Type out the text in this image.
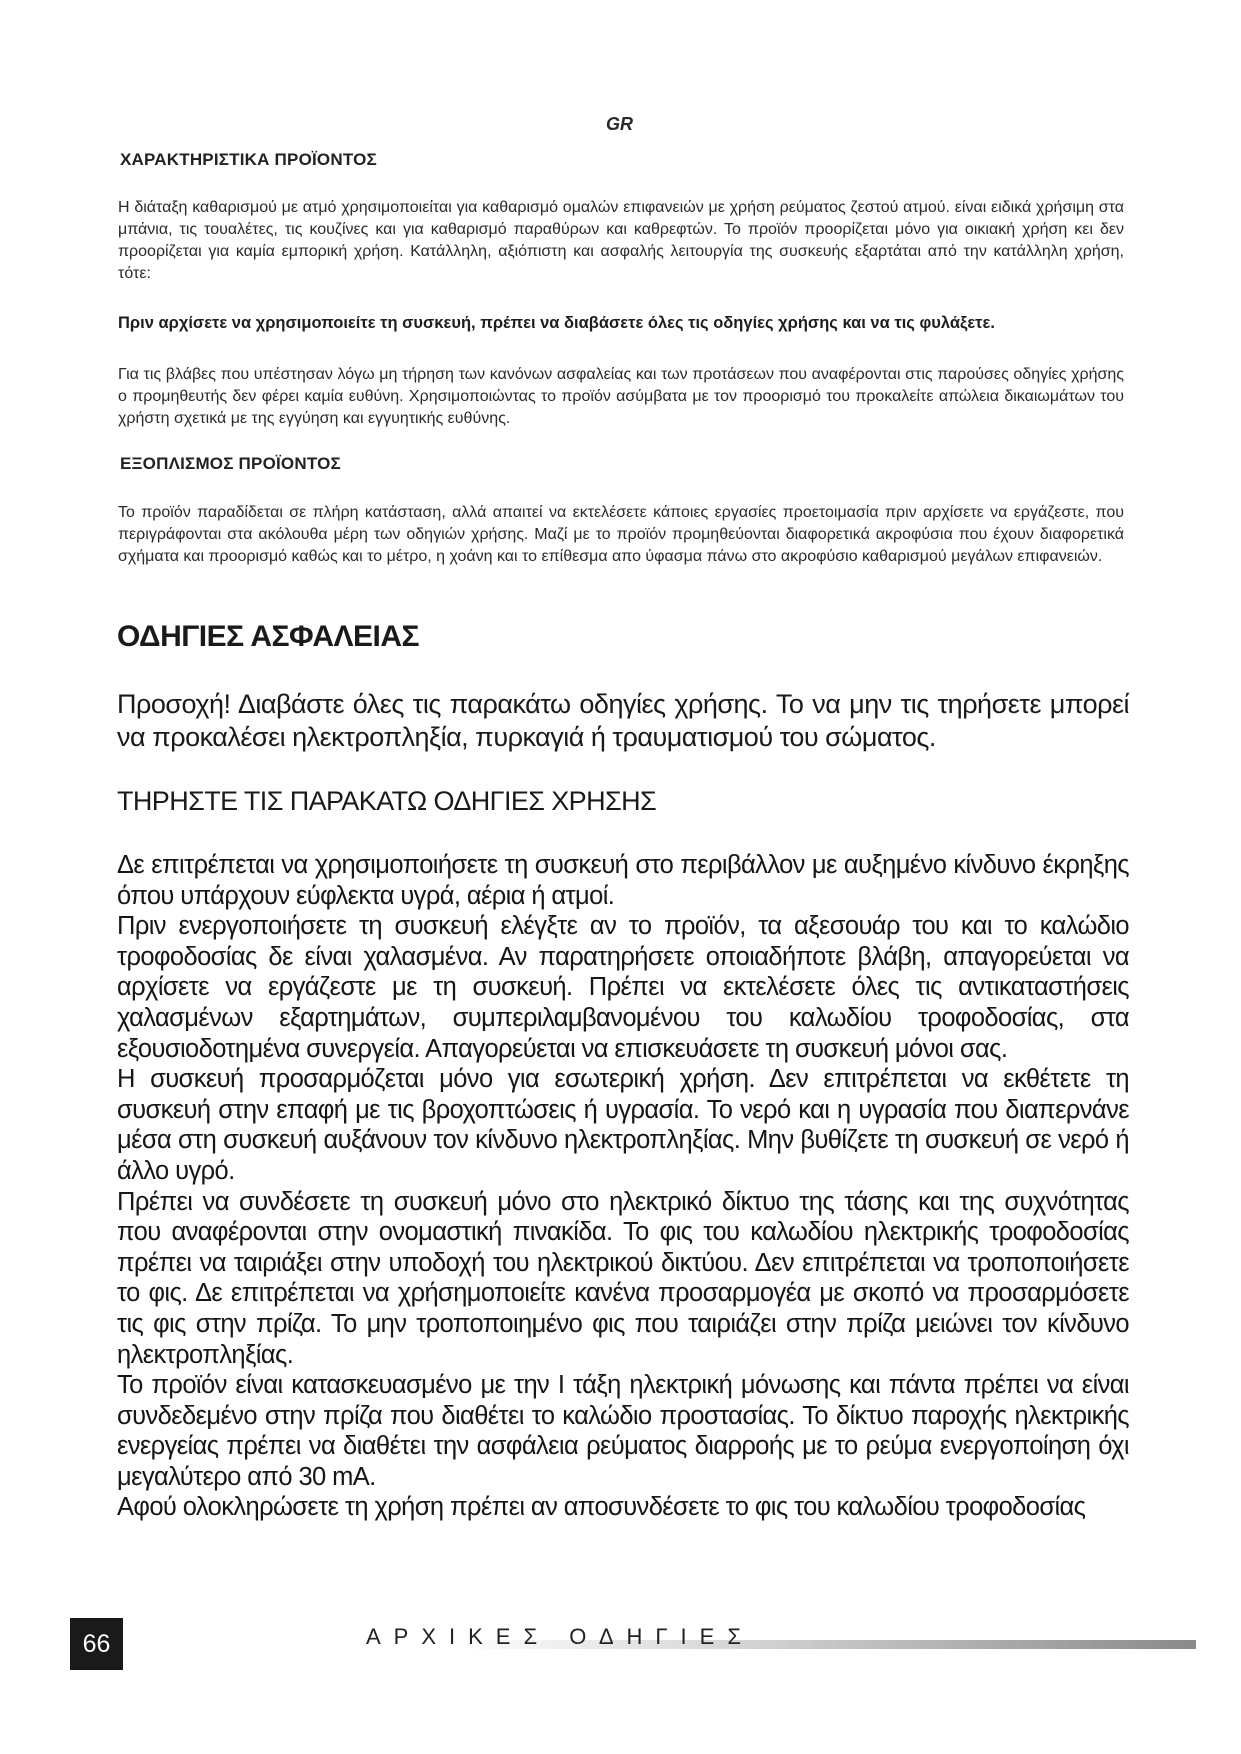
GR
ΧΑΡΑΚΤΗΡΙΣΤΙΚΑ ΠΡΟΪΟΝΤΟΣ
Η διάταξη καθαρισμού με ατμό χρησιμοποιείται για καθαρισμό ομαλών επιφανειών με χρήση ρεύματος ζεστού ατμού. είναι ειδικά χρήσιμη στα μπάνια, τις τουαλέτες, τις κουζίνες και για καθαρισμό παραθύρων και καθρεφτών. Το προϊόν προορίζεται μόνο για οικιακή χρήση κει δεν προορίζεται για καμία εμπορική χρήση. Κατάλληλη, αξιόπιστη και ασφαλής λειτουργία της συσκευής εξαρτάται από την κατάλληλη χρήση, τότε:
Πριν αρχίσετε να χρησιμοποιείτε τη συσκευή, πρέπει να διαβάσετε όλες τις οδηγίες χρήσης και να τις φυλάξετε.
Για τις βλάβες που υπέστησαν λόγω μη τήρηση των κανόνων ασφαλείας και των προτάσεων που αναφέρονται στις παρούσες οδηγίες χρήσης ο προμηθευτής δεν φέρει καμία ευθύνη. Χρησιμοποιώντας το προϊόν ασύμβατα με τον προορισμό του προκαλείτε απώλεια δικαιωμάτων του χρήστη σχετικά με της εγγύηση και εγγυητικής ευθύνης.
ΕΞΟΠΛΙΣΜΟΣ ΠΡΟΪΟΝΤΟΣ
Το προϊόν παραδίδεται σε πλήρη κατάσταση, αλλά απαιτεί να εκτελέσετε κάποιες εργασίες προετοιμασία πριν αρχίσετε να εργάζεστε, που περιγράφονται στα ακόλουθα μέρη των οδηγιών χρήσης. Μαζί με το προϊόν προμηθεύονται διαφορετικά ακροφύσια που έχουν διαφορετικά σχήματα και προορισμό καθώς και το μέτρο, η χοάνη και το επίθεσμα απο ύφασμα πάνω στο ακροφύσιο καθαρισμού μεγάλων επιφανειών.
ΟΔΗΓΙΕΣ ΑΣΦΑΛΕΙΑΣ
Προσοχή! Διαβάστε όλες τις παρακάτω οδηγίες χρήσης. Το να μην τις τηρήσετε μπορεί να προκαλέσει ηλεκτροπληξία, πυρκαγιά ή τραυματισμού του σώματος.
ΤΗΡΗΣΤΕ ΤΙΣ ΠΑΡΑΚΑΤΩ ΟΔΗΓΙΕΣ ΧΡΗΣΗΣ

Δε επιτρέπεται να χρησιμοποιήσετε τη συσκευή στο περιβάλλον με αυξημένο κίνδυνο έκρηξης όπου υπάρχουν εύφλεκτα υγρά, αέρια ή ατμοί.

Πριν ενεργοποιήσετε τη συσκευή ελέγξτε αν το προϊόν, τα αξεσουάρ του και το καλώδιο τροφοδοσίας δε είναι χαλασμένα. Αν παρατηρήσετε οποιαδήποτε βλάβη, απαγορεύεται να αρχίσετε να εργάζεστε με τη συσκευή. Πρέπει να εκτελέσετε όλες τις αντικαταστήσεις χαλασμένων εξαρτημάτων, συμπεριλαμβανομένου του καλωδίου τροφοδοσίας, στα εξουσιοδοτημένα συνεργεία. Απαγορεύεται να επισκευάσετε τη συσκευή μόνοι σας.

Η συσκευή προσαρμόζεται μόνο για εσωτερική χρήση. Δεν επιτρέπεται να εκθέτετε τη συσκευή στην επαφή με τις βροχοπτώσεις ή υγρασία. Το νερό και η υγρασία που διαπερνάνε μέσα στη συσκευή αυξάνουν τον κίνδυνο ηλεκτροπληξίας. Μην βυθίζετε τη συσκευή σε νερό ή άλλο υγρό.

Πρέπει να συνδέσετε τη συσκευή μόνο στο ηλεκτρικό δίκτυο της τάσης και της συχνότητας που αναφέρονται στην ονομαστική πινακίδα. Το φις του καλωδίου ηλεκτρικής τροφοδοσίας πρέπει να ταιριάξει στην υποδοχή του ηλεκτρικού δικτύου. Δεν επιτρέπεται να τροποποιήσετε το φις. Δε επιτρέπεται να χρήσημοποιείτε κανένα προσαρμογέα με σκοπό να προσαρμόσετε τις φις στην πρίζα. Το μην τροποποιημένο φις που ταιριάζει στην πρίζα μειώνει τον κίνδυνο ηλεκτροπληξίας.

Το προϊόν είναι κατασκευασμένο με την I τάξη ηλεκτρική μόνωσης και πάντα πρέπει να είναι συνδεδεμένο στην πρίζα που διαθέτει το καλώδιο προστασίας. Το δίκτυο παροχής ηλεκτρικής ενεργείας πρέπει να διαθέτει την ασφάλεια ρεύματος διαρροής με το ρεύμα ενεργοποίηση όχι μεγαλύτερο από 30 mA.

Αφού ολοκληρώσετε τη χρήση πρέπει αν αποσυνδέσετε το φις του καλωδίου τροφοδοσίας

66	ΑΡΧΙΚΕΣ ΟΔΗΓΙΕΣ
